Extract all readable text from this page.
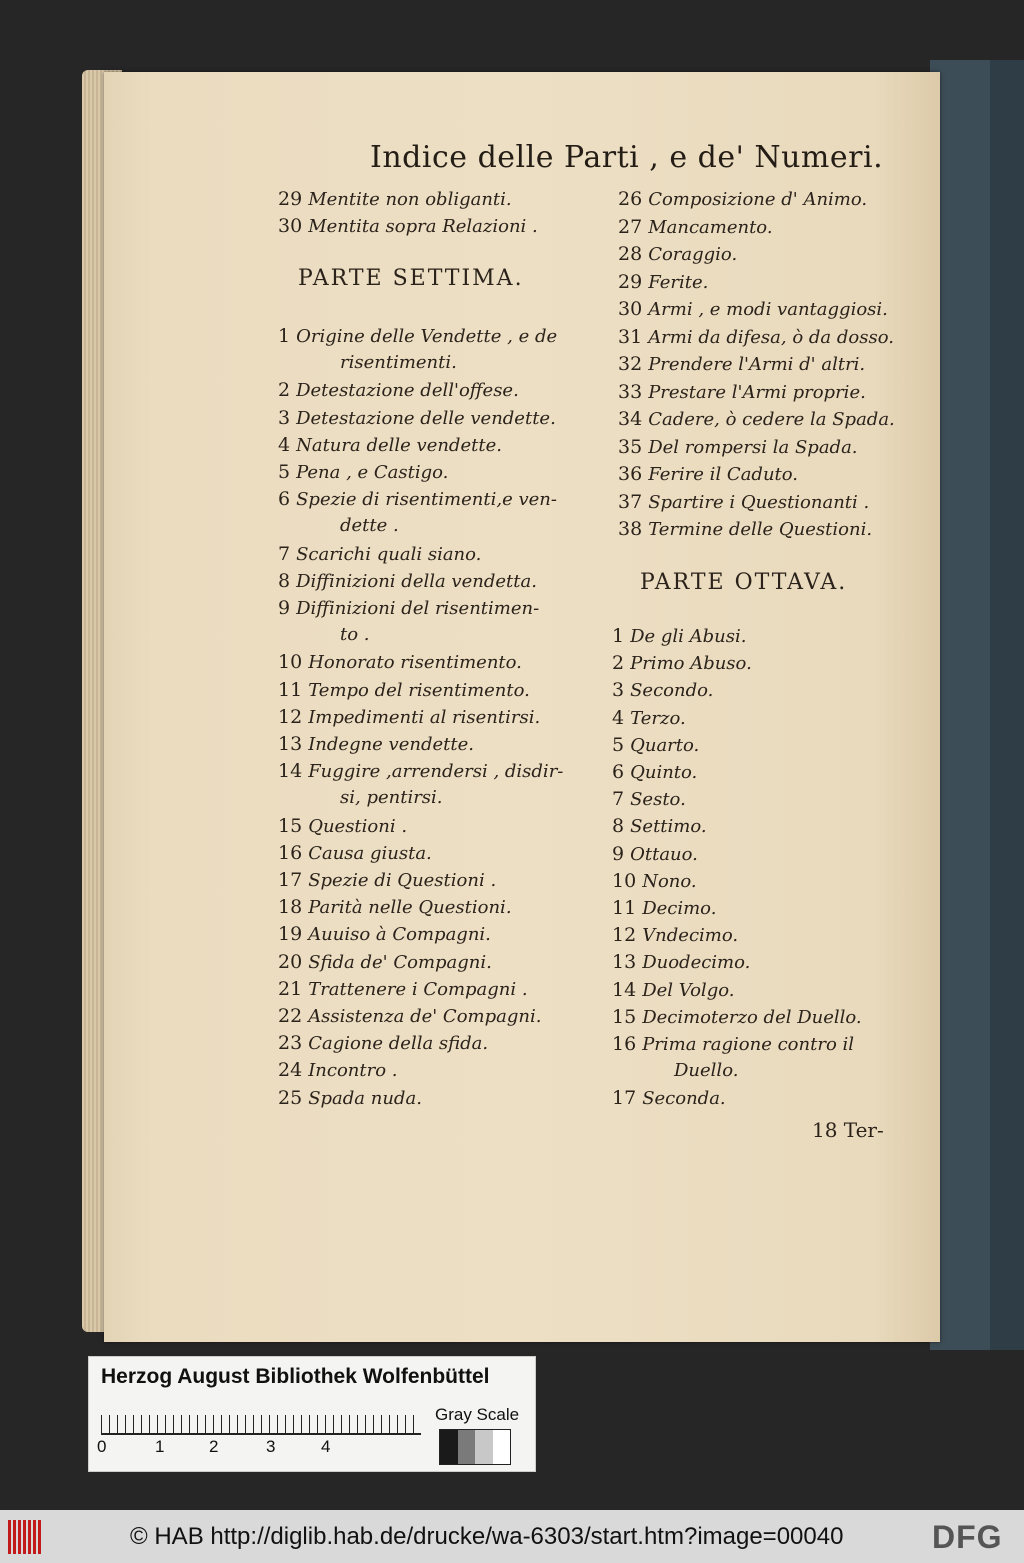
Indice delle Parti , e de' Numeri.
18 Ter-
Herzog August Bibliothek Wolfenbüttel
0	1	2	3	4
Gray Scale
© HAB http://diglib.hab.de/drucke/wa-6303/start.htm?image=00040	DFG
29 Mentite non obliganti.
30 Mentita sopra Relazioni .
PARTE SETTIMA.
1 Origine delle Vendette , e de
risentimenti.
2 Detestazione dell'offese.
3 Detestazione delle vendette.
4 Natura delle vendette.
5 Pena , e Castigo.
6 Spezie di risentimenti,e ven-
dette .
7 Scarichi quali siano.
8 Diffinizioni della vendetta.
9 Diffinizioni del risentimen-
to .
10 Honorato risentimento.
11 Tempo del risentimento.
12 Impedimenti al risentirsi.
13 Indegne vendette.
14 Fuggire ,arrendersi , disdir-
si, pentirsi.
15 Questioni .
16 Causa giusta.
17 Spezie di Questioni .
18 Parità nelle Questioni.
19 Auuiso à Compagni.
20 Sfida de' Compagni.
21 Trattenere i Compagni .
22 Assistenza de' Compagni.
23 Cagione della sfida.
24 Incontro .
25 Spada nuda.
26 Composizione d' Animo.
27 Mancamento.
28 Coraggio.
29 Ferite.
30 Armi , e modi vantaggiosi.
31 Armi da difesa, ò da dosso.
32 Prendere l'Armi d' altri.
33 Prestare l'Armi proprie.
34 Cadere, ò cedere la Spada.
35 Del rompersi la Spada.
36 Ferire il Caduto.
37 Spartire i Questionanti .
38 Termine delle Questioni.
PARTE OTTAVA.
1 De gli Abusi.
2 Primo Abuso.
3 Secondo.
4 Terzo.
5 Quarto.
6 Quinto.
7 Sesto.
8 Settimo.
9 Ottauo.
10 Nono.
11 Decimo.
12 Vndecimo.
13 Duodecimo.
14 Del Volgo.
15 Decimoterzo del Duello.
16 Prima ragione contro il
Duello.
17 Seconda.
